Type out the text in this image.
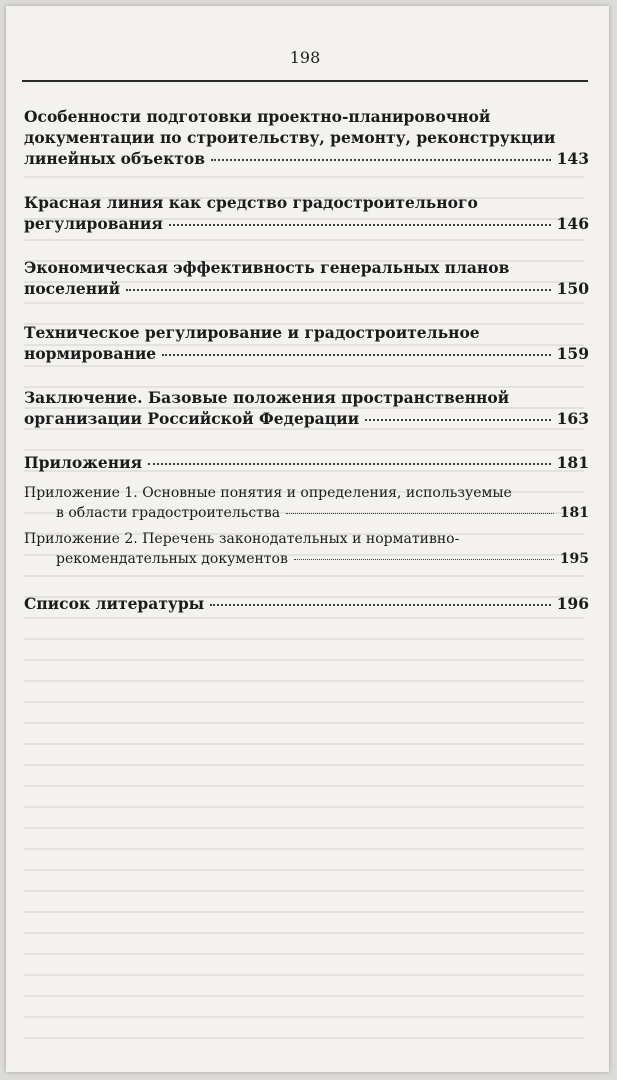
198
Особенности подготовки проектно-планировочной
документации по строительству, ремонту, реконструкции
линейных объектов	143
Красная линия как средство градостроительного
регулирования	146
Экономическая эффективность генеральных планов
поселений	150
Техническое регулирование и градостроительное
нормирование	159
Заключение. Базовые положения пространственной
организации Российской Федерации	163
Приложения	181
Приложение 1. Основные понятия и определения, используемые
в области градостроительства	181
Приложение 2. Перечень законодательных и нормативно-
рекомендательных документов	195
Список литературы	196
